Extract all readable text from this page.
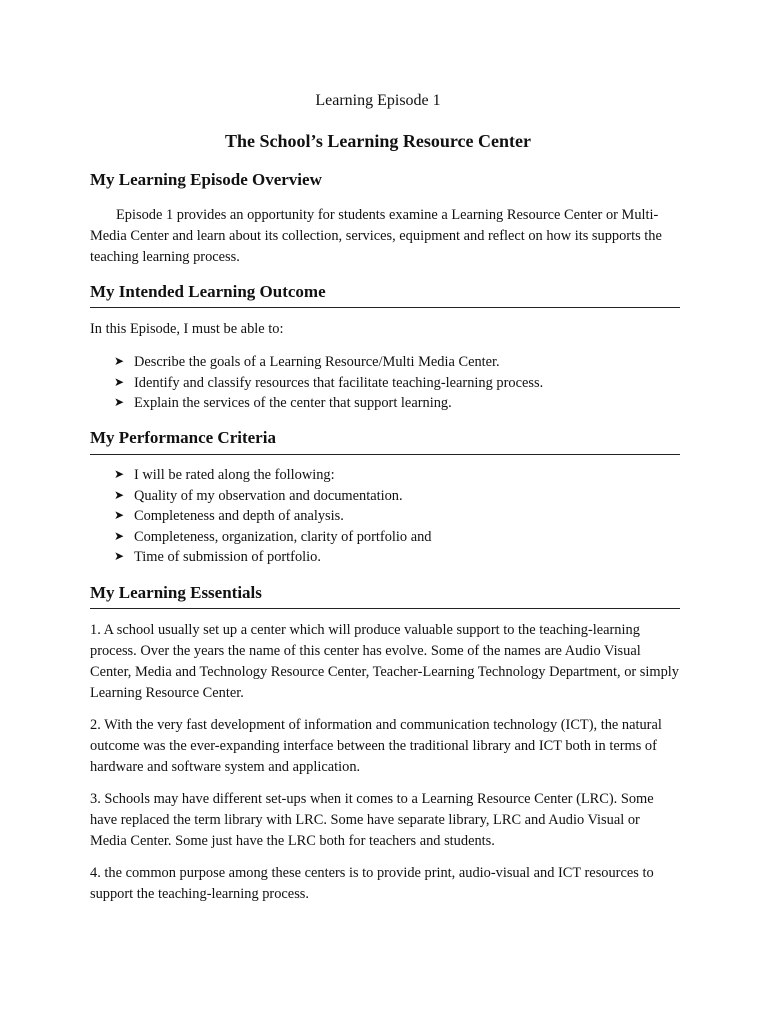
Learning Episode 1
The School’s Learning Resource Center
My Learning Episode Overview

Episode 1 provides an opportunity for students examine a Learning Resource Center or Multi-Media Center and learn about its collection, services, equipment and reflect on how its supports the teaching learning process.

My Intended Learning Outcome

In this Episode, I must be able to:

➤ Describe the goals of a Learning Resource/Multi Media Center.
➤ Identify and classify resources that facilitate teaching-learning process.
➤ Explain the services of the center that support learning.
My Performance Criteria
➤ I will be rated along the following:
➤ Quality of my observation and documentation.
➤ Completeness and depth of analysis.
➤ Completeness, organization, clarity of portfolio and
➤ Time of submission of portfolio.
My Learning Essentials

1. A school usually set up a center which will produce valuable support to the teaching-learning process. Over the years the name of this center has evolve. Some of the names are Audio Visual Center, Media and Technology Resource Center, Teacher-Learning Technology Department, or simply Learning Resource Center.

2. With the very fast development of information and communication technology (ICT), the natural outcome was the ever-expanding interface between the traditional library and ICT both in terms of hardware and software system and application.

3. Schools may have different set-ups when it comes to a Learning Resource Center (LRC). Some have replaced the term library with LRC. Some have separate library, LRC and Audio Visual or Media Center. Some just have the LRC both for teachers and students.

4. the common purpose among these centers is to provide print, audio-visual and ICT resources to support the teaching-learning process.
